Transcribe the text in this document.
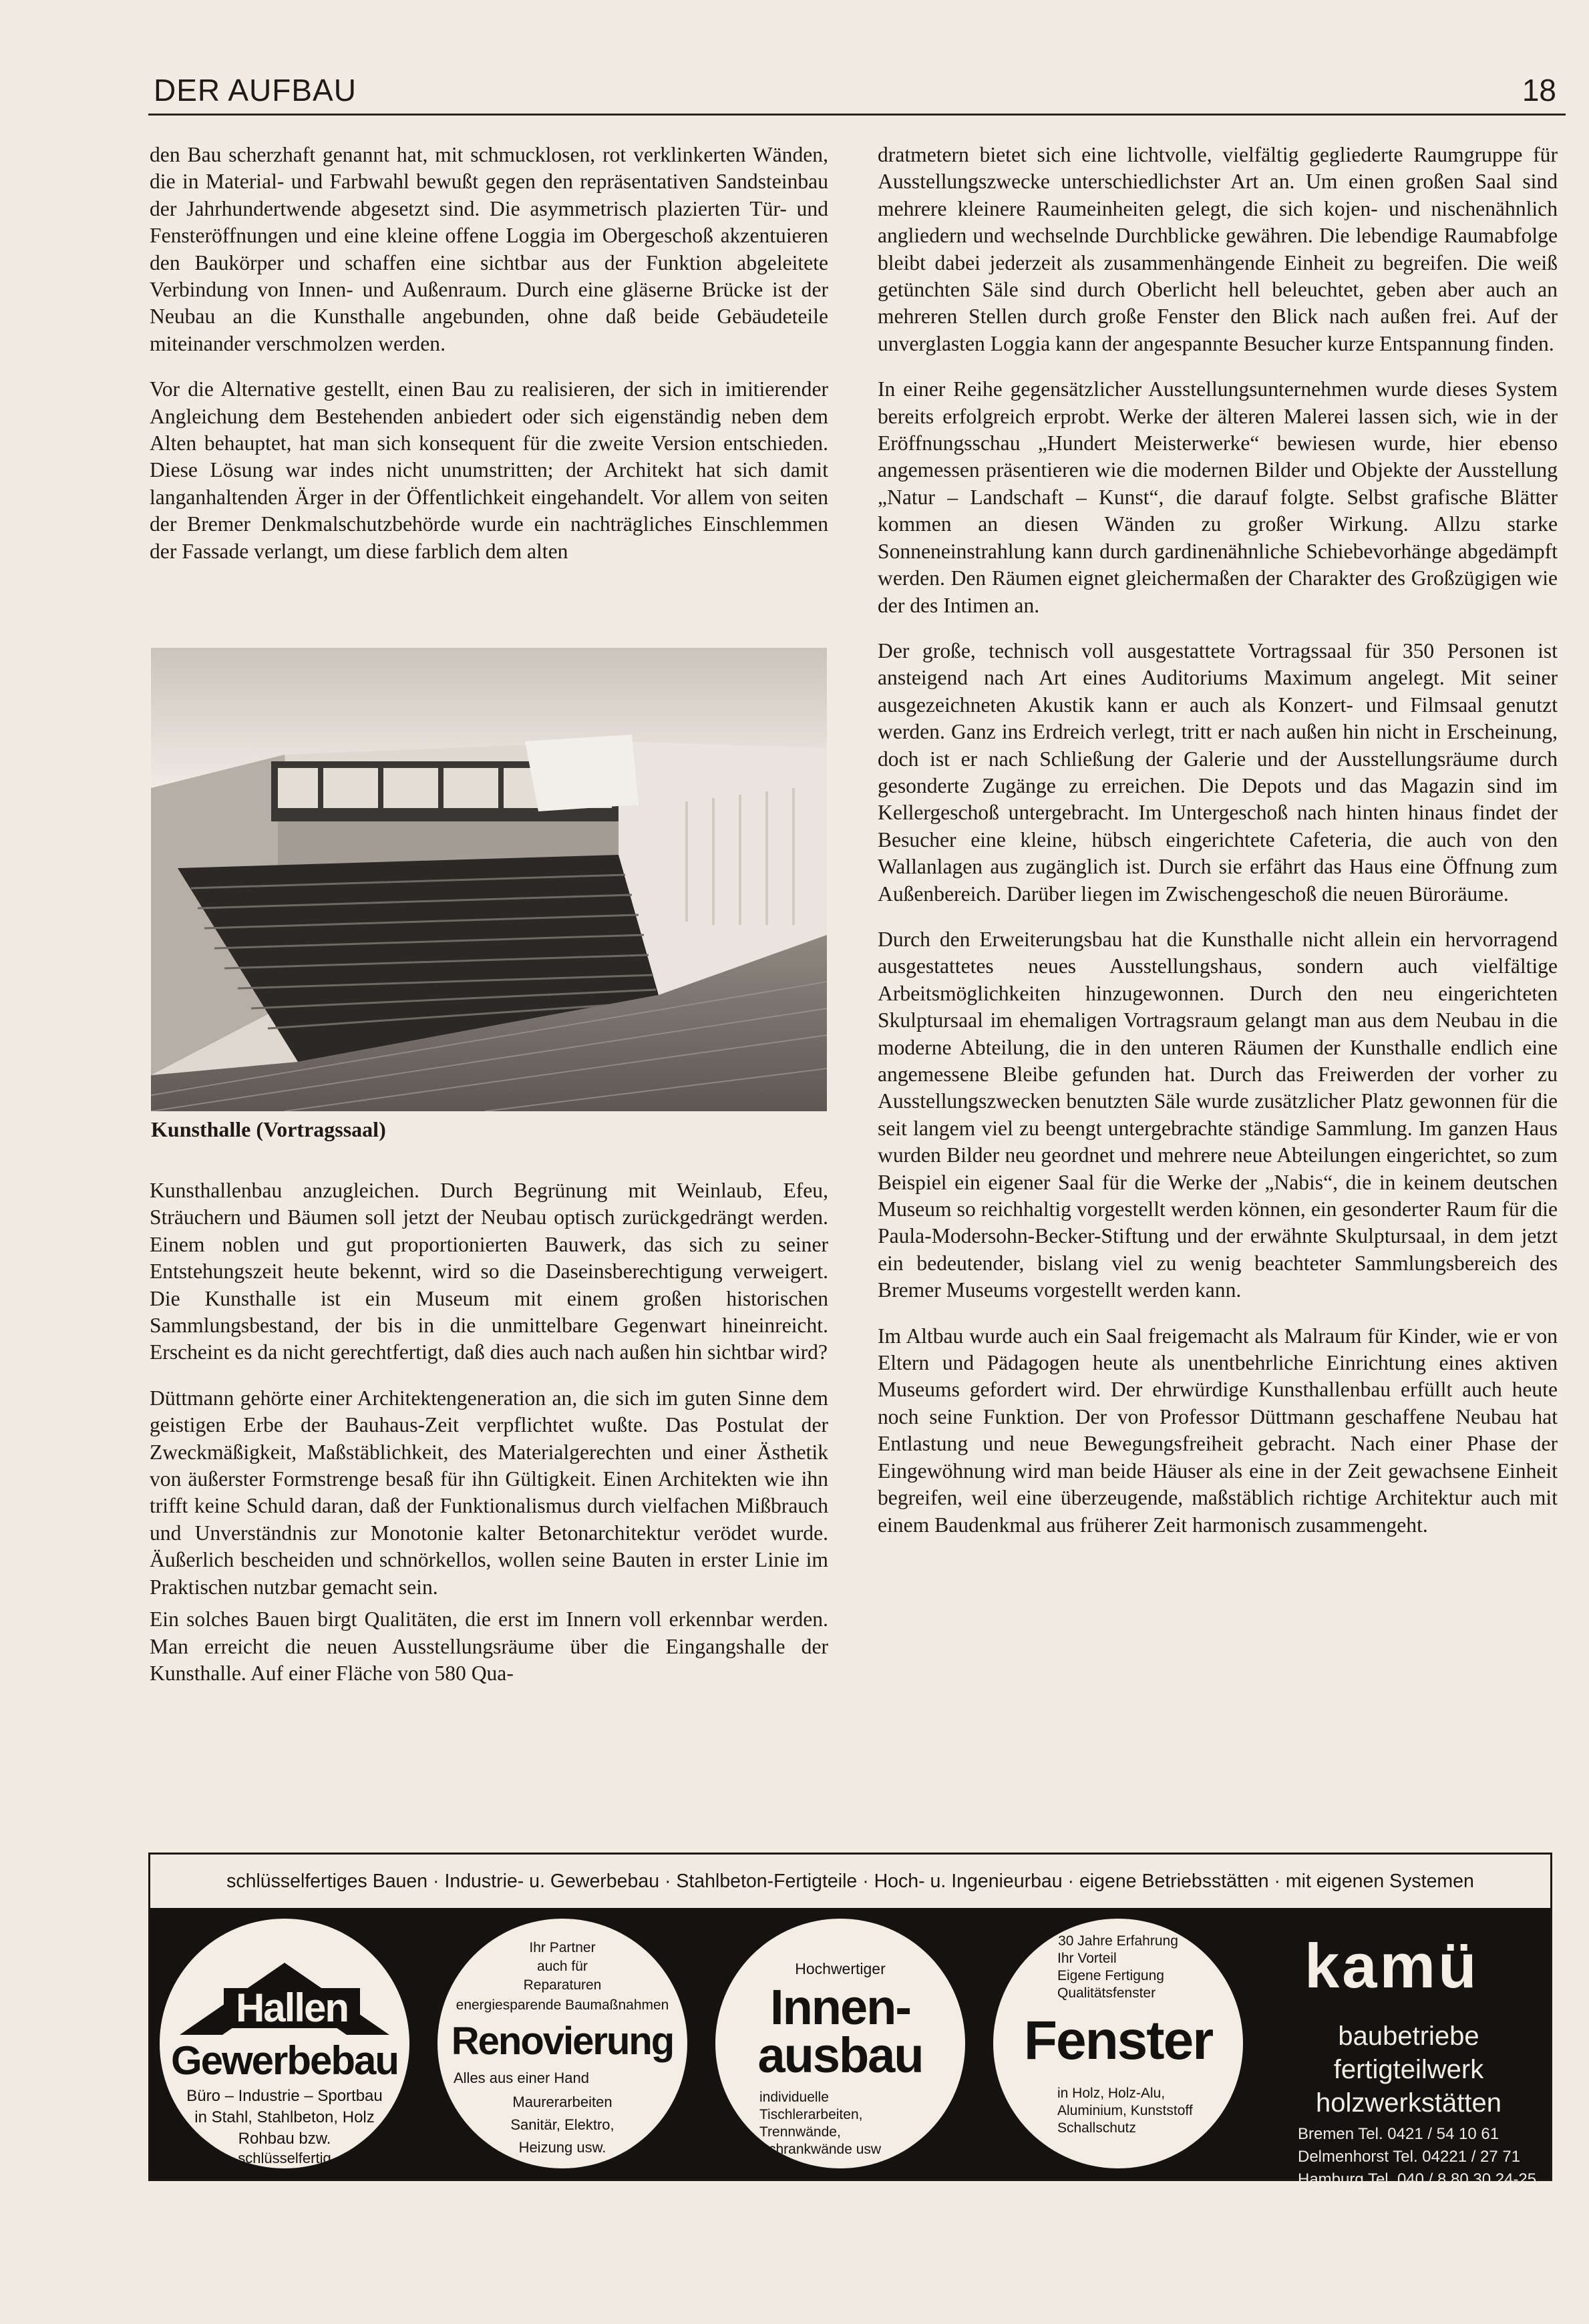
DER AUFBAU	18

den Bau scherzhaft genannt hat, mit schmucklosen, rot verklinkerten Wänden, die in Material- und Farbwahl bewußt gegen den repräsentativen Sandsteinbau der Jahrhundertwende abgesetzt sind. Die asymmetrisch plazierten Tür- und Fensteröffnungen und eine kleine offene Loggia im Obergeschoß akzentuieren den Baukörper und schaffen eine sichtbar aus der Funktion abgeleitete Verbindung von Innen- und Außenraum. Durch eine gläserne Brücke ist der Neubau an die Kunsthalle angebunden, ohne daß beide Gebäudeteile miteinander verschmolzen werden.

Vor die Alternative gestellt, einen Bau zu realisieren, der sich in imitierender Angleichung dem Bestehenden anbiedert oder sich eigenständig neben dem Alten behauptet, hat man sich konsequent für die zweite Version entschieden. Diese Lösung war indes nicht unumstritten; der Architekt hat sich damit langanhaltenden Ärger in der Öffentlichkeit eingehandelt. Vor allem von seiten der Bremer Denkmalschutzbehörde wurde ein nachträgliches Einschlemmen der Fassade verlangt, um diese farblich dem alten

Kunsthalle (Vortragssaal)

Kunsthallenbau anzugleichen. Durch Begrünung mit Weinlaub, Efeu, Sträuchern und Bäumen soll jetzt der Neubau optisch zurückgedrängt werden. Einem noblen und gut proportionierten Bauwerk, das sich zu seiner Entstehungszeit heute bekennt, wird so die Daseinsberechtigung verweigert. Die Kunsthalle ist ein Museum mit einem großen historischen Sammlungsbestand, der bis in die unmittelbare Gegenwart hineinreicht. Erscheint es da nicht gerechtfertigt, daß dies auch nach außen hin sichtbar wird?

Düttmann gehörte einer Architektengeneration an, die sich im guten Sinne dem geistigen Erbe der Bauhaus-Zeit verpflichtet wußte. Das Postulat der Zweckmäßigkeit, Maßstäblichkeit, des Materialgerechten und einer Ästhetik von äußerster Formstrenge besaß für ihn Gültigkeit. Einen Architekten wie ihn trifft keine Schuld daran, daß der Funktionalismus durch vielfachen Mißbrauch und Unverständnis zur Monotonie kalter Betonarchitektur verödet wurde. Äußerlich bescheiden und schnörkellos, wollen seine Bauten in erster Linie im Praktischen nutzbar gemacht sein.

Ein solches Bauen birgt Qualitäten, die erst im Innern voll erkennbar werden. Man erreicht die neuen Ausstellungsräume über die Eingangshalle der Kunsthalle. Auf einer Fläche von 580 Qua-

dratmetern bietet sich eine lichtvolle, vielfältig gegliederte Raumgruppe für Ausstellungszwecke unterschiedlichster Art an. Um einen großen Saal sind mehrere kleinere Raumeinheiten gelegt, die sich kojen- und nischenähnlich angliedern und wechselnde Durchblicke gewähren. Die lebendige Raumabfolge bleibt dabei jederzeit als zusammenhängende Einheit zu begreifen. Die weiß getünchten Säle sind durch Oberlicht hell beleuchtet, geben aber auch an mehreren Stellen durch große Fenster den Blick nach außen frei. Auf der unverglasten Loggia kann der angespannte Besucher kurze Entspannung finden.

In einer Reihe gegensätzlicher Ausstellungsunternehmen wurde dieses System bereits erfolgreich erprobt. Werke der älteren Malerei lassen sich, wie in der Eröffnungsschau „Hundert Meisterwerke“ bewiesen wurde, hier ebenso angemessen präsentieren wie die modernen Bilder und Objekte der Ausstellung „Natur – Landschaft – Kunst“, die darauf folgte. Selbst grafische Blätter kommen an diesen Wänden zu großer Wirkung. Allzu starke Sonneneinstrahlung kann durch gardinenähnliche Schiebevorhänge abgedämpft werden. Den Räumen eignet gleichermaßen der Charakter des Großzügigen wie der des Intimen an.

Der große, technisch voll ausgestattete Vortragssaal für 350 Personen ist ansteigend nach Art eines Auditoriums Maximum angelegt. Mit seiner ausgezeichneten Akustik kann er auch als Konzert- und Filmsaal genutzt werden. Ganz ins Erdreich verlegt, tritt er nach außen hin nicht in Erscheinung, doch ist er nach Schließung der Galerie und der Ausstellungsräume durch gesonderte Zugänge zu erreichen. Die Depots und das Magazin sind im Kellergeschoß untergebracht. Im Untergeschoß nach hinten hinaus findet der Besucher eine kleine, hübsch eingerichtete Cafeteria, die auch von den Wallanlagen aus zugänglich ist. Durch sie erfährt das Haus eine Öffnung zum Außenbereich. Darüber liegen im Zwischengeschoß die neuen Büroräume.

Durch den Erweiterungsbau hat die Kunsthalle nicht allein ein hervorragend ausgestattetes neues Ausstellungshaus, sondern auch vielfältige Arbeitsmöglichkeiten hinzugewonnen. Durch den neu eingerichteten Skulptursaal im ehemaligen Vortragsraum gelangt man aus dem Neubau in die moderne Abteilung, die in den unteren Räumen der Kunsthalle endlich eine angemessene Bleibe gefunden hat. Durch das Freiwerden der vorher zu Ausstellungszwecken benutzten Säle wurde zusätzlicher Platz gewonnen für die seit langem viel zu beengt untergebrachte ständige Sammlung. Im ganzen Haus wurden Bilder neu geordnet und mehrere neue Abteilungen eingerichtet, so zum Beispiel ein eigener Saal für die Werke der „Nabis“, die in keinem deutschen Museum so reichhaltig vorgestellt werden können, ein gesonderter Raum für die Paula-Modersohn-Becker-Stiftung und der erwähnte Skulptursaal, in dem jetzt ein bedeutender, bislang viel zu wenig beachteter Sammlungsbereich des Bremer Museums vorgestellt werden kann.

Im Altbau wurde auch ein Saal freigemacht als Malraum für Kinder, wie er von Eltern und Pädagogen heute als unentbehrliche Einrichtung eines aktiven Museums gefordert wird. Der ehrwürdige Kunsthallenbau erfüllt auch heute noch seine Funktion. Der von Professor Düttmann geschaffene Neubau hat Entlastung und neue Bewegungsfreiheit gebracht. Nach einer Phase der Eingewöhnung wird man beide Häuser als eine in der Zeit gewachsene Einheit begreifen, weil eine überzeugende, maßstäblich richtige Architektur auch mit einem Baudenkmal aus früherer Zeit harmonisch zusammengeht.

schlüsselfertiges Bauen · Industrie- u. Gewerbebau · Stahlbeton-Fertigteile · Hoch- u. Ingenieurbau · eigene Betriebsstätten · mit eigenen Systemen
Hallen
Gewerbebau
Büro – Industrie – Sportbau
in Stahl, Stahlbeton, Holz
Rohbau bzw.
schlüsselfertig
Ihr Partner
auch für
Reparaturen
energiesparende Baumaßnahmen
Renovierung
Alles aus einer Hand
Maurerarbeiten
Sanitär, Elektro,
Heizung usw.
Hochwertiger
Innen-
ausbau
individuelle
Tischlerarbeiten,
Trennwände,
Schrankwände usw
30 Jahre Erfahrung
Ihr Vorteil
Eigene Fertigung
Qualitätsfenster
Fenster
in Holz, Holz-Alu,
Aluminium, Kunststoff
Schallschutz
kamü
baubetriebe
fertigteilwerk
holzwerkstätten
Bremen Tel. 0421 / 54 10 61
Delmenhorst Tel. 04221 / 27 71
Hamburg Tel. 040 / 8 80 30 24-25
